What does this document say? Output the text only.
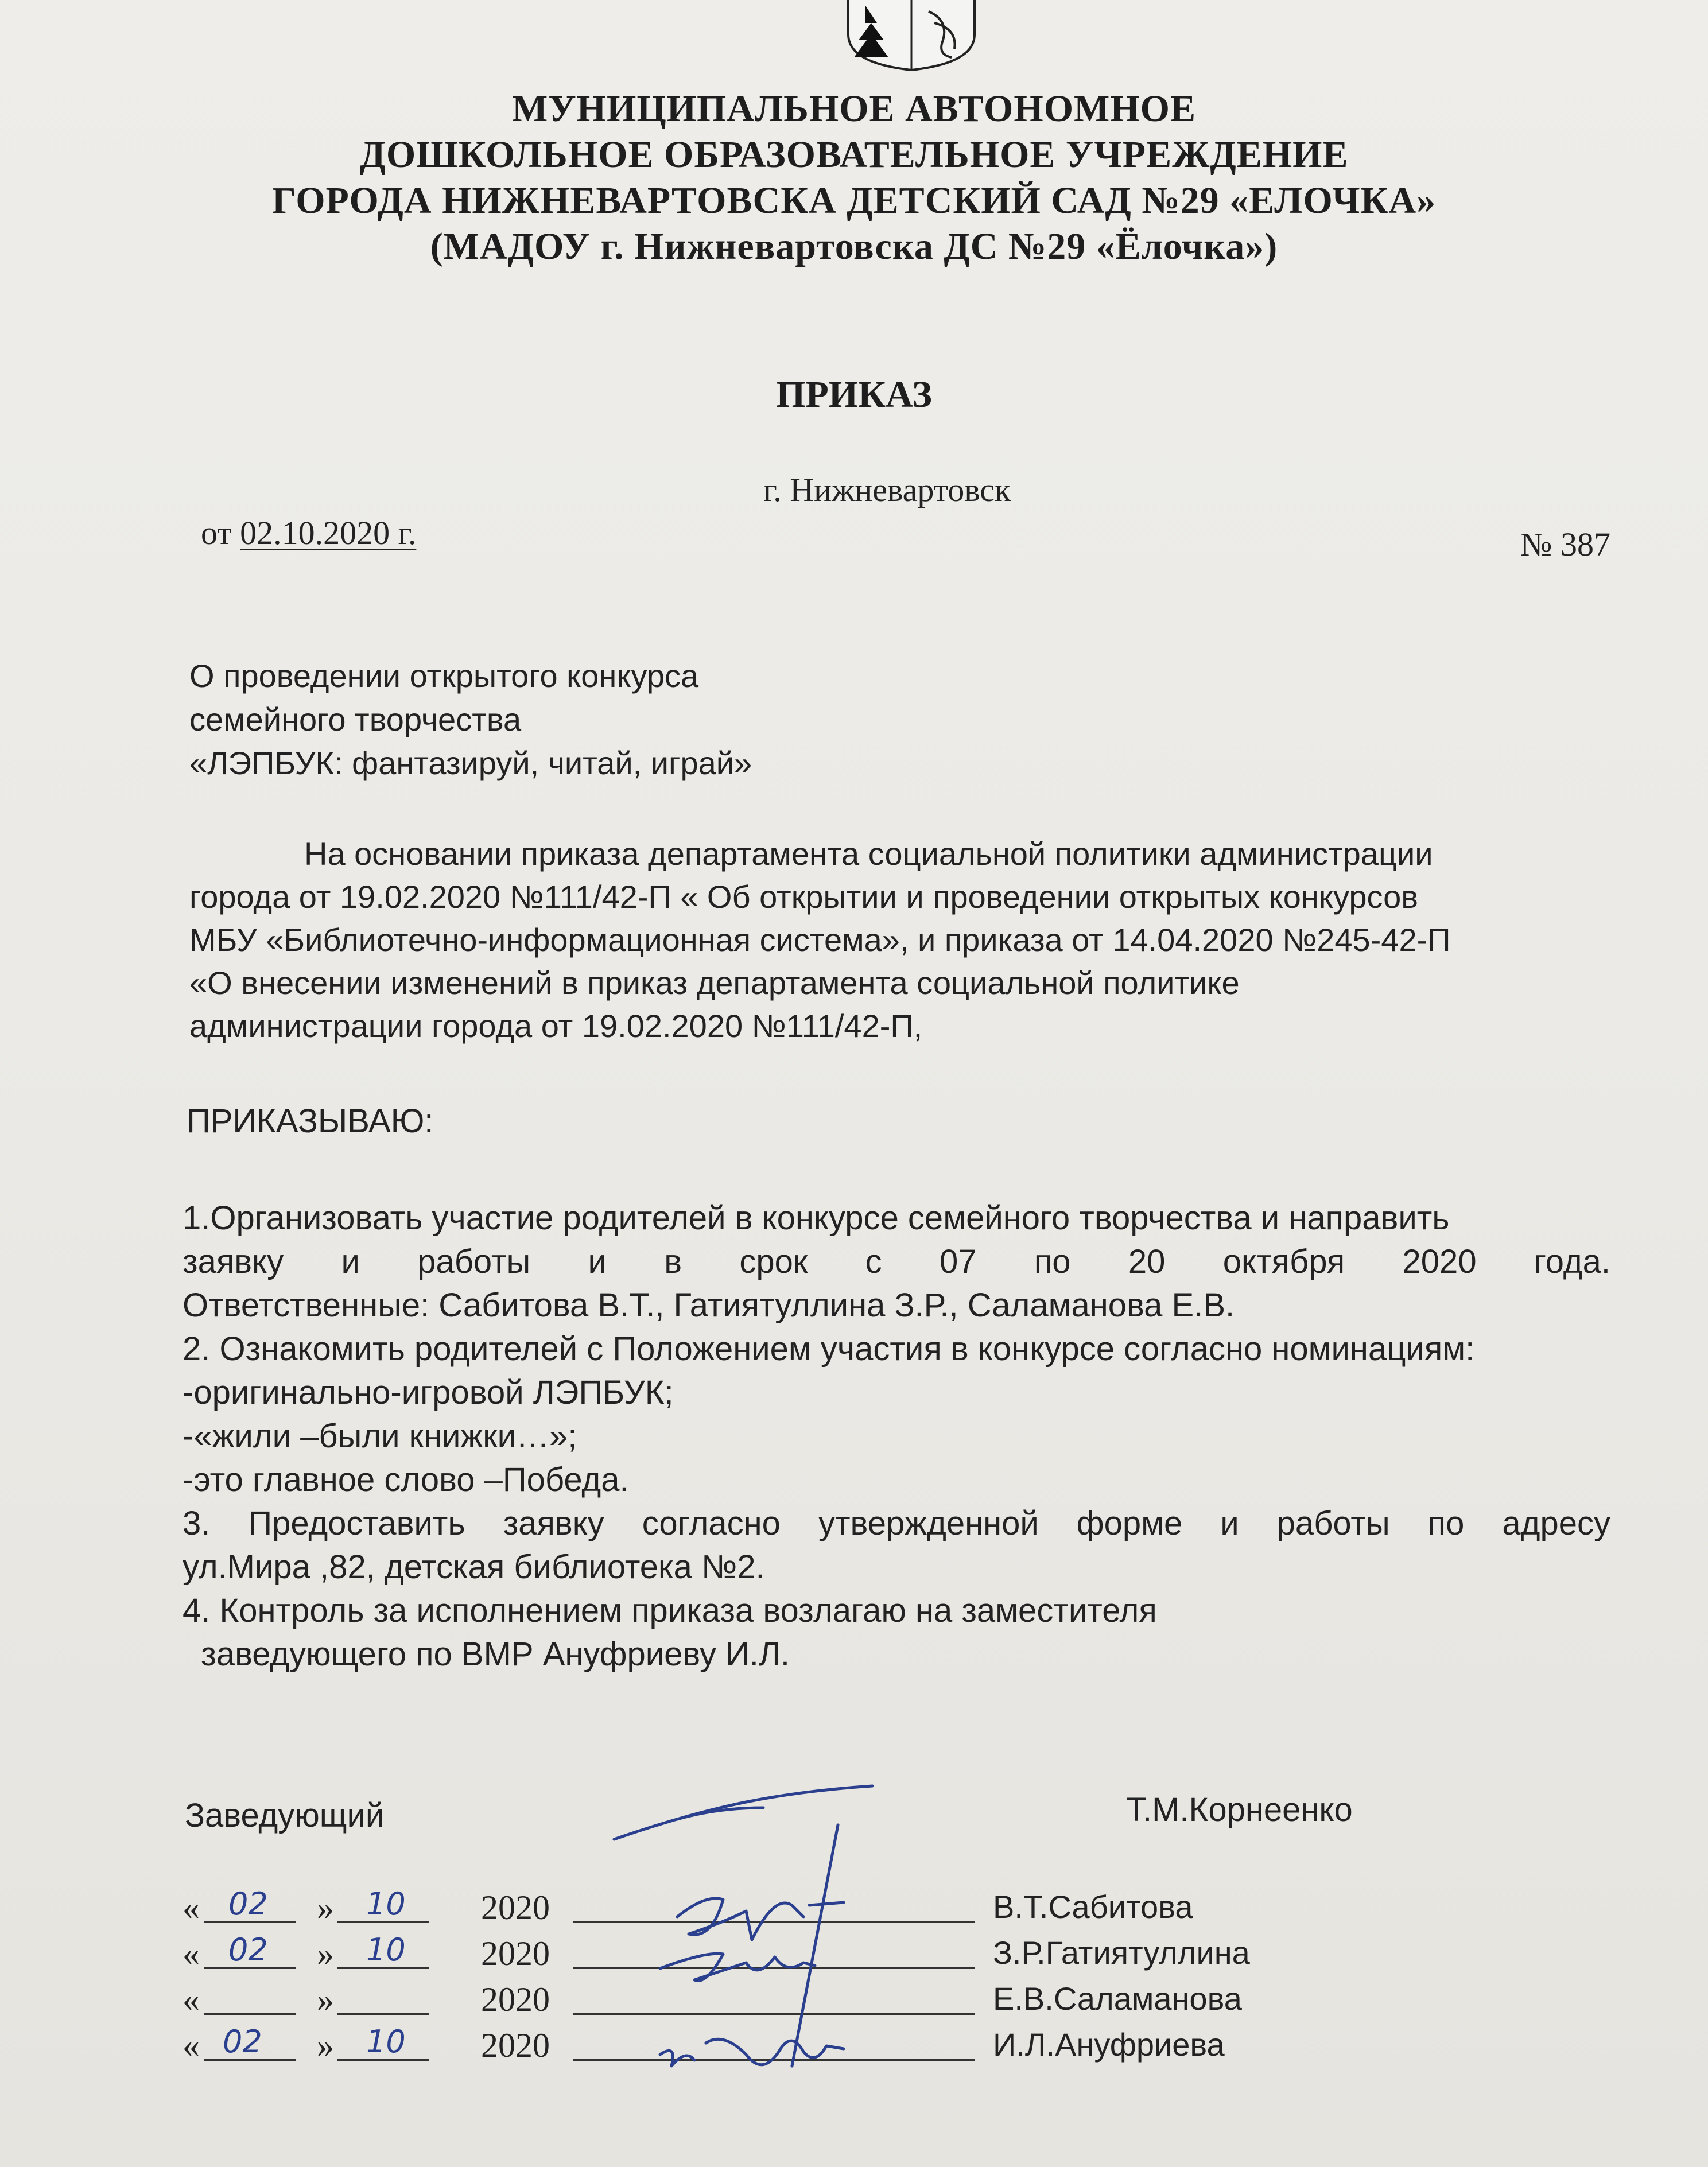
МУНИЦИПАЛЬНОЕ АВТОНОМНОЕ
ДОШКОЛЬНОЕ ОБРАЗОВАТЕЛЬНОЕ УЧРЕЖДЕНИЕ
ГОРОДА НИЖНЕВАРТОВСКА ДЕТСКИЙ САД №29 «ЕЛОЧКА»
(МАДОУ г. Нижневартовска ДС №29 «Ёлочка»)
ПРИКАЗ
г. Нижневартовск
от 02.10.2020 г.	№ 387
О проведении открытого конкурса
семейного творчества
«ЛЭПБУК: фантазируй, читай, играй»
На основании приказа департамента социальной политики администрации
города от 19.02.2020 №111/42-П « Об открытии и проведении открытых конкурсов
МБУ «Библиотечно-информационная система», и приказа от 14.04.2020 №245-42-П
«О внесении изменений в приказ департамента социальной политике
администрации города от 19.02.2020 №111/42-П,
ПРИКАЗЫВАЮ:
1.Организовать участие родителей в конкурсе семейного творчества и направить
заявку и работы и в срок с 07 по 20 октября 2020 года.
Ответственные: Сабитова В.Т., Гатиятуллина З.Р., Саламанова Е.В.
2. Ознакомить родителей с Положением участия в конкурсе согласно номинациям:
-оригинально-игровой ЛЭПБУК;
-«жили –были книжки…»;
-это главное слово –Победа.
3. Предоставить заявку согласно утвержденной форме и работы по адресу
ул.Мира ,82, детская библиотека №2.
4. Контроль за исполнением приказа возлагаю на заместителя
заведующего по ВМР Ануфриеву И.Л.
Заведующий	Т.М.Корнеенко
« 02 » 10 2020	В.Т.Сабитова
« 02 » 10 2020	З.Р.Гатиятуллина
«	»	2020	Е.В.Саламанова
« 02 » 10 2020	И.Л.Ануфриева
